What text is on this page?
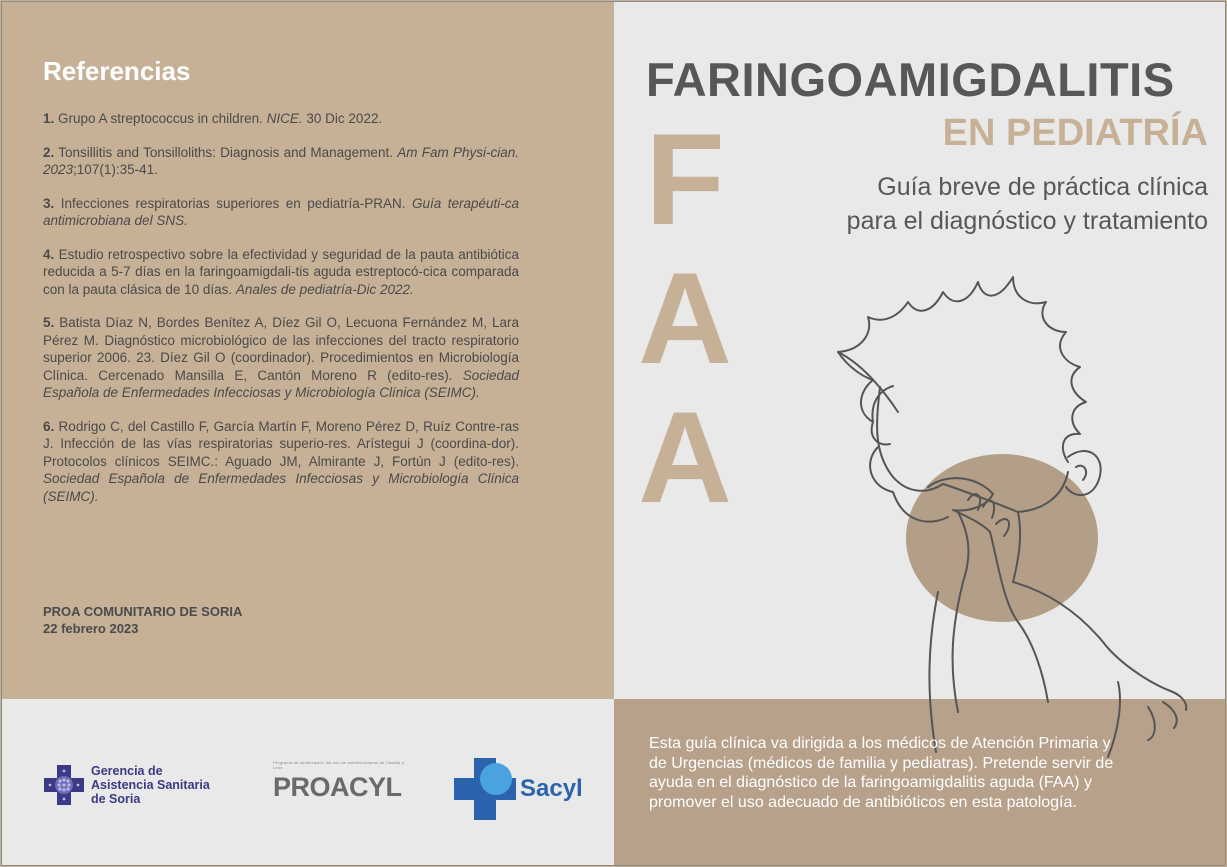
Referencias
1. Grupo A streptococcus in children. NICE. 30 Dic 2022.
2. Tonsillitis and Tonsilloliths: Diagnosis and Management. Am Fam Physi-cian. 2023;107(1):35-41.
3. Infecciones respiratorias superiores en pediatría-PRAN. Guía terapéuti-ca antimicrobiana del SNS.
4. Estudio retrospectivo sobre la efectividad y seguridad de la pauta antibiótica reducida a 5-7 días en la faringoamigdali-tis aguda estreptocó-cica comparada con la pauta clásica de 10 días. Anales de pediatría-Dic 2022.
5. Batista Díaz N, Bordes Benítez A, Díez Gil O, Lecuona Fernández M, Lara Pérez M. Diagnóstico microbiológico de las infecciones del tracto respiratorio superior 2006. 23. Díez Gil O (coordinador). Procedimientos en Microbiología Clínica. Cercenado Mansilla E, Cantón Moreno R (edito-res). Sociedad Española de Enfermedades Infecciosas y Microbiología Clínica (SEIMC).
6. Rodrigo C, del Castillo F, García Martín F, Moreno Pérez D, Ruíz Contre-ras J. Infección de las vías respiratorias superio-res. Arístegui J (coordina-dor). Protocolos clínicos SEIMC.: Aguado JM, Almirante J, Fortún J (edito-res). Sociedad Española de Enfermedades Infecciosas y Microbiología Clínica (SEIMC).
PROA COMUNITARIO DE SORIA
22 febrero 2023
Gerencia de
Asistencia Sanitaria
de Soria
Programa de optimización del uso de antimicrobianos de Castilla y León
PROACYL	Sacyl
FARINGOAMIGDALITIS
EN PEDIATRÍA
Guía breve de práctica clínica
para el diagnóstico y tratamiento
F
A
A
Esta guía clínica va dirigida a los médicos de Atención Primaria y de Urgencias (médicos de familia y pediatras). Pretende servir de ayuda en el diagnóstico de la faringoamigdalitis aguda (FAA) y promover el uso adecuado de antibióticos en esta patología.
